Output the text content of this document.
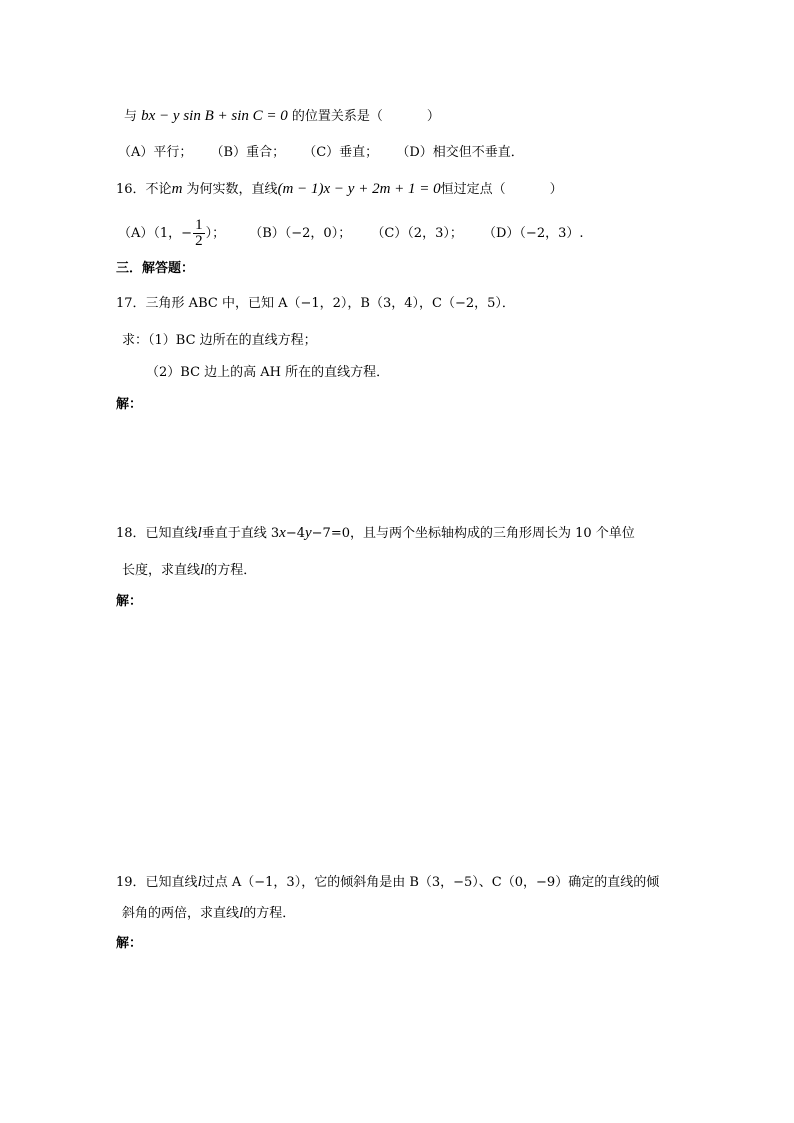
与 bx − y sin B + sin C = 0 的位置关系是（	）
（A）平行； （B）重合； （C）垂直； （D）相交但不垂直．
16．不论m 为何实数，直线(m − 1)x − y + 2m + 1 = 0恒过定点（	）
（A）（1，− $\frac{1}{2}$ ）； （B）（−2，0）； （C）（2，3）； （D）（−2，3）.
三．解答题：
17．三角形 ABC 中，已知 A（−1，2），B（3，4），C（−2，5）．
求：（1）BC 边所在的直线方程；
（2）BC 边上的高 AH 所在的直线方程．
解：
18．已知直线l垂直于直线 3x−4y−7=0，且与两个坐标轴构成的三角形周长为 10 个单位
长度，求直线l的方程．
解：
19．已知直线l过点 A（−1，3），它的倾斜角是由 B（3，−5）、C（0，−9）确定的直线的倾
斜角的两倍，求直线l的方程．
解：
